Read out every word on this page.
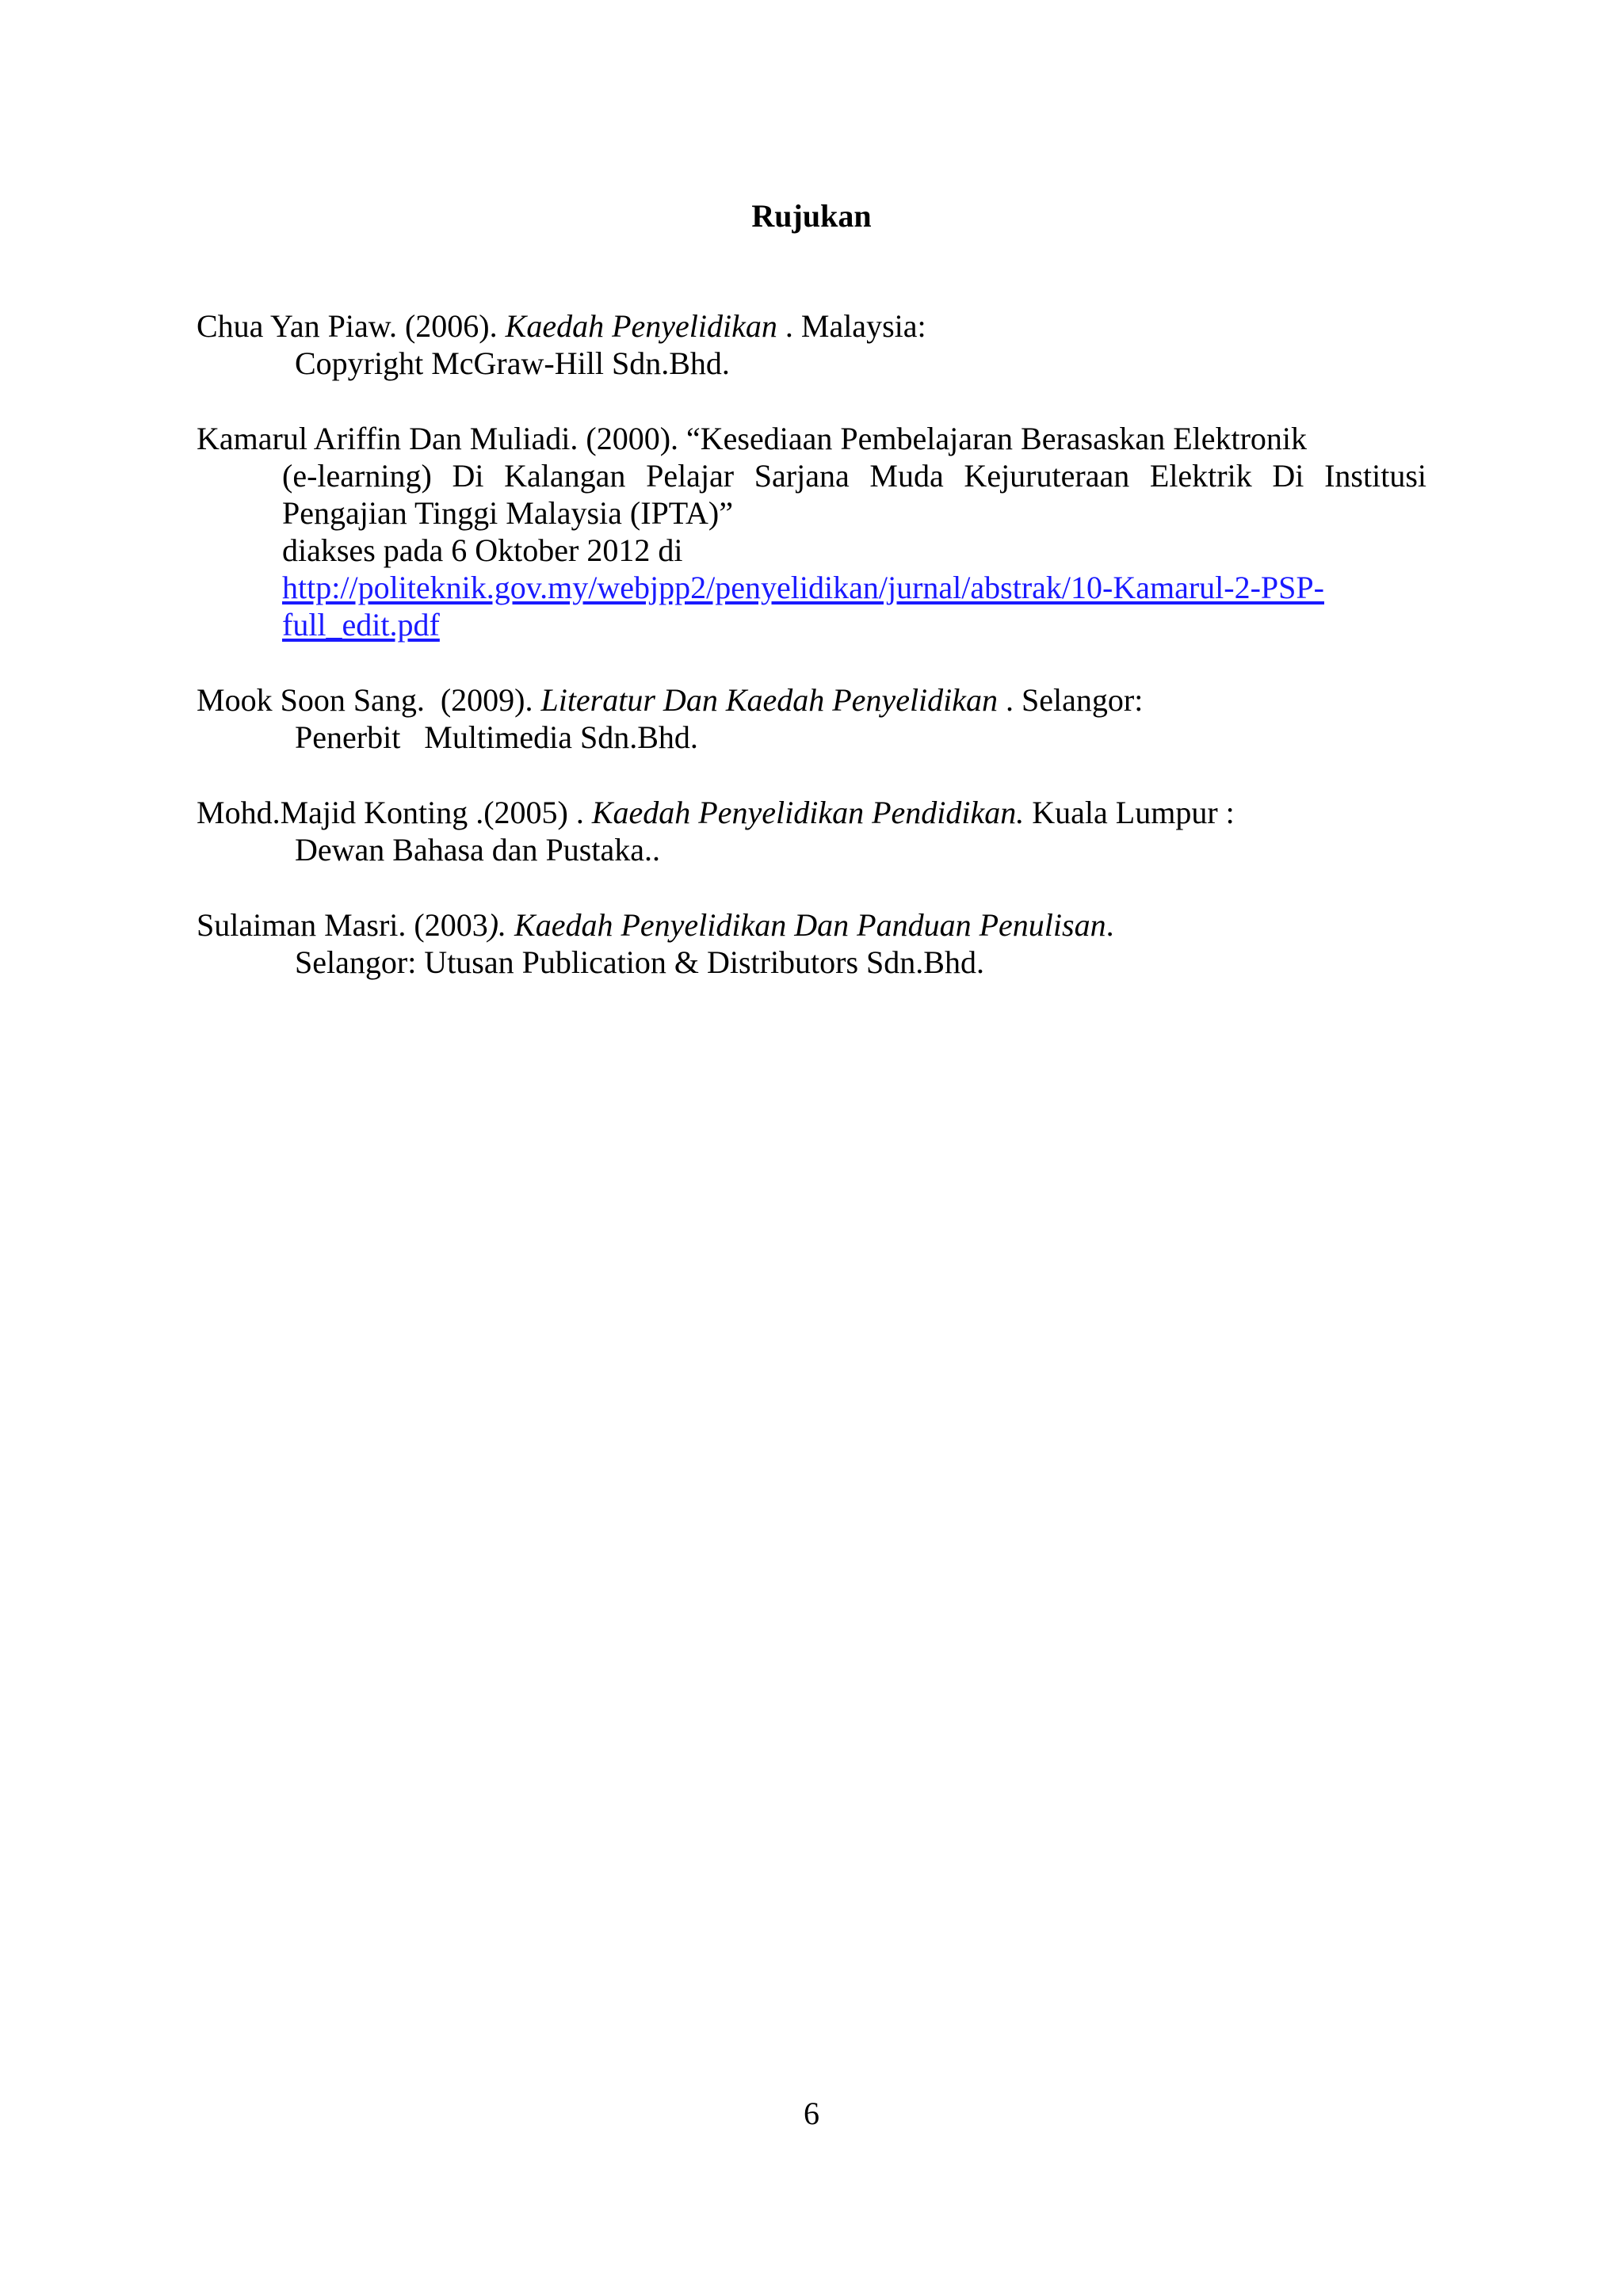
Rujukan
Chua Yan Piaw. (2006). Kaedah Penyelidikan . Malaysia:
Copyright McGraw-Hill Sdn.Bhd.
Kamarul Ariffin Dan Muliadi. (2000). “Kesediaan Pembelajaran Berasaskan Elektronik
(e-learning) Di Kalangan Pelajar Sarjana Muda Kejuruteraan Elektrik Di Institusi
Pengajian Tinggi Malaysia (IPTA)”
diakses pada 6 Oktober 2012 di
http://politeknik.gov.my/webjpp2/penyelidikan/jurnal/abstrak/10-Kamarul-2-PSP-
full_edit.pdf
Mook Soon Sang.  (2009). Literatur Dan Kaedah Penyelidikan . Selangor:
Penerbit   Multimedia Sdn.Bhd.
Mohd.Majid Konting .(2005) . Kaedah Penyelidikan Pendidikan. Kuala Lumpur :
Dewan Bahasa dan Pustaka..
Sulaiman Masri. (2003). Kaedah Penyelidikan Dan Panduan Penulisan.
Selangor: Utusan Publication & Distributors Sdn.Bhd.
6
